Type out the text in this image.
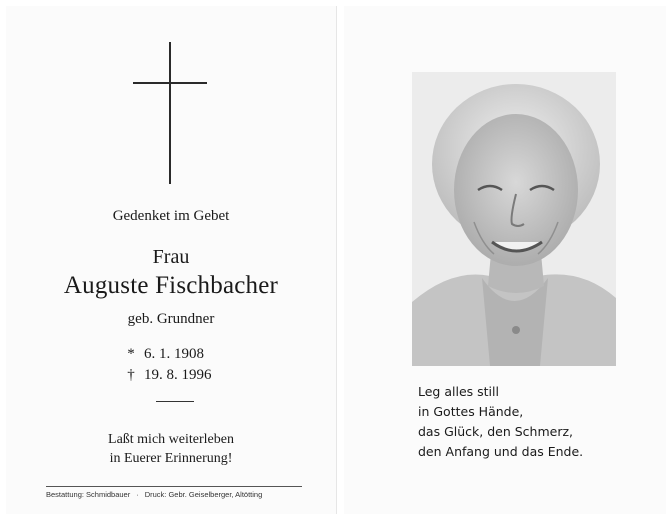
Gedenket im Gebet
Frau
Auguste Fischbacher
geb. Grundner
* 6. 1. 1908
† 19. 8. 1996
Laßt mich weiterleben
in Euerer Erinnerung!
Bestattung: Schmidbauer · Druck: Gebr. Geiselberger, Altötting
Leg alles still
in Gottes Hände,
das Glück, den Schmerz,
den Anfang und das Ende.
